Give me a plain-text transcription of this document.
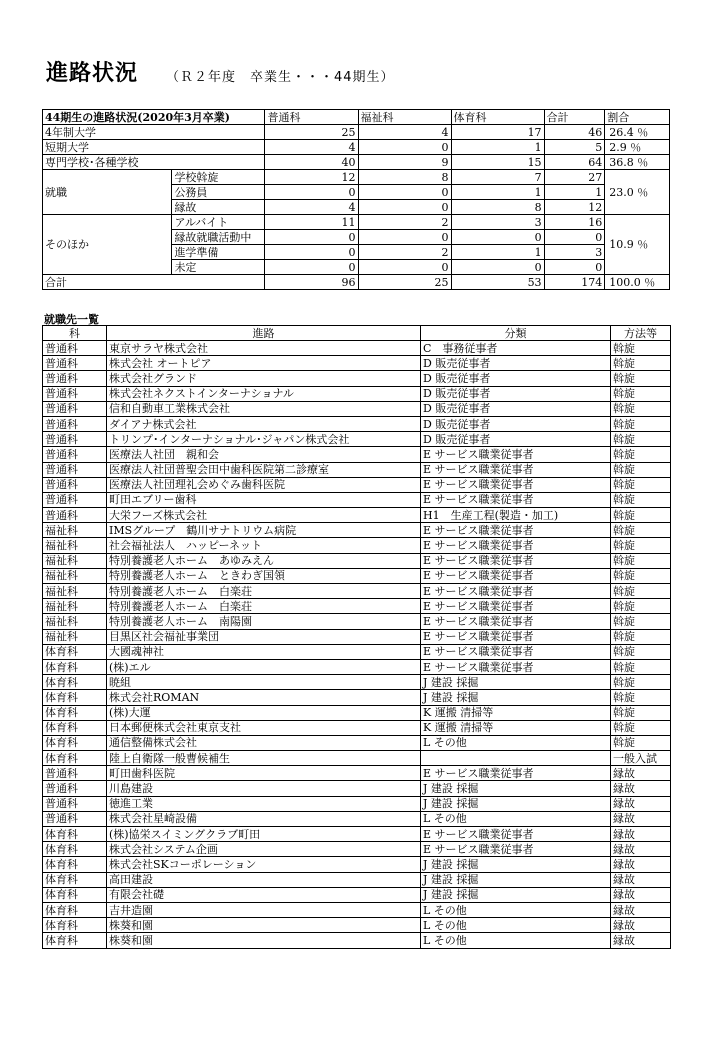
進路状況 （Ｒ２年度　卒業生・・・44期生）
44期生の進路状況(2020年3月卒業)		普通科	福祉科	体育科	合計	割合
4年制大学		25	4	17	46	26.4 ％
短期大学		4	0	1	5	2.9 ％
専門学校･各種学校		40	9	15	64	36.8 ％
就職	学校斡旋	12	8	7	27	23.0 ％
	公務員	0	0	1	1	
	縁故	4	0	8	12	
そのほか	アルバイト	11	2	3	16	10.9 ％
	縁故就職活動中	0	0	0	0	
	進学準備	0	2	1	3	
	未定	0	0	0	0	
合計		96	25	53	174	100.0 ％
就職先一覧
科	進路	分類	方法等
普通科	東京サラヤ株式会社	C　事務従事者	斡旋
普通科	株式会社 オートピア	D 販売従事者	斡旋
普通科	株式会社グランド	D 販売従事者	斡旋
普通科	株式会社ネクストインターナショナル	D 販売従事者	斡旋
普通科	信和自動車工業株式会社	D 販売従事者	斡旋
普通科	ダイアナ株式会社	D 販売従事者	斡旋
普通科	トリンプ･インターナショナル･ジャパン株式会社	D 販売従事者	斡旋
普通科	医療法人社団　親和会	E サービス職業従事者	斡旋
普通科	医療法人社団普聖会田中歯科医院第二診療室	E サービス職業従事者	斡旋
普通科	医療法人社団理礼会めぐみ歯科医院	E サービス職業従事者	斡旋
普通科	町田エブリー歯科	E サービス職業従事者	斡旋
普通科	大栄フーズ株式会社	H1　生産工程(製造・加工)	斡旋
福祉科	IMSグループ　鶴川サナトリウム病院	E サービス職業従事者	斡旋
福祉科	社会福祉法人　ハッピーネット	E サービス職業従事者	斡旋
福祉科	特別養護老人ホーム　あゆみえん	E サービス職業従事者	斡旋
福祉科	特別養護老人ホーム　ときわぎ国領	E サービス職業従事者	斡旋
福祉科	特別養護老人ホーム　白楽荘	E サービス職業従事者	斡旋
福祉科	特別養護老人ホーム　白楽荘	E サービス職業従事者	斡旋
福祉科	特別養護老人ホーム　南陽園	E サービス職業従事者	斡旋
福祉科	目黒区社会福祉事業団	E サービス職業従事者	斡旋
体育科	大國魂神社	E サービス職業従事者	斡旋
体育科	(株)エル	E サービス職業従事者	斡旋
体育科	暁組	J 建設 採掘	斡旋
体育科	株式会社ROMAN	J 建設 採掘	斡旋
体育科	(株)大運	K 運搬 清掃等	斡旋
体育科	日本郵便株式会社東京支社	K 運搬 清掃等	斡旋
体育科	通信整備株式会社	L その他	斡旋
体育科	陸上自衛隊一般曹候補生		一般入試
普通科	町田歯科医院	E サービス職業従事者	縁故
普通科	川島建設	J 建設 採掘	縁故
普通科	徳進工業	J 建設 採掘	縁故
普通科	株式会社星崎設備	L その他	縁故
体育科	(株)協栄スイミングクラブ町田	E サービス職業従事者	縁故
体育科	株式会社システム企画	E サービス職業従事者	縁故
体育科	株式会社SKコーポレーション	J 建設 採掘	縁故
体育科	高田建設	J 建設 採掘	縁故
体育科	有限会社礎	J 建設 採掘	縁故
体育科	吉井造園	L その他	縁故
体育科	株葵和園	L その他	縁故
体育科	株葵和園	L その他	縁故
